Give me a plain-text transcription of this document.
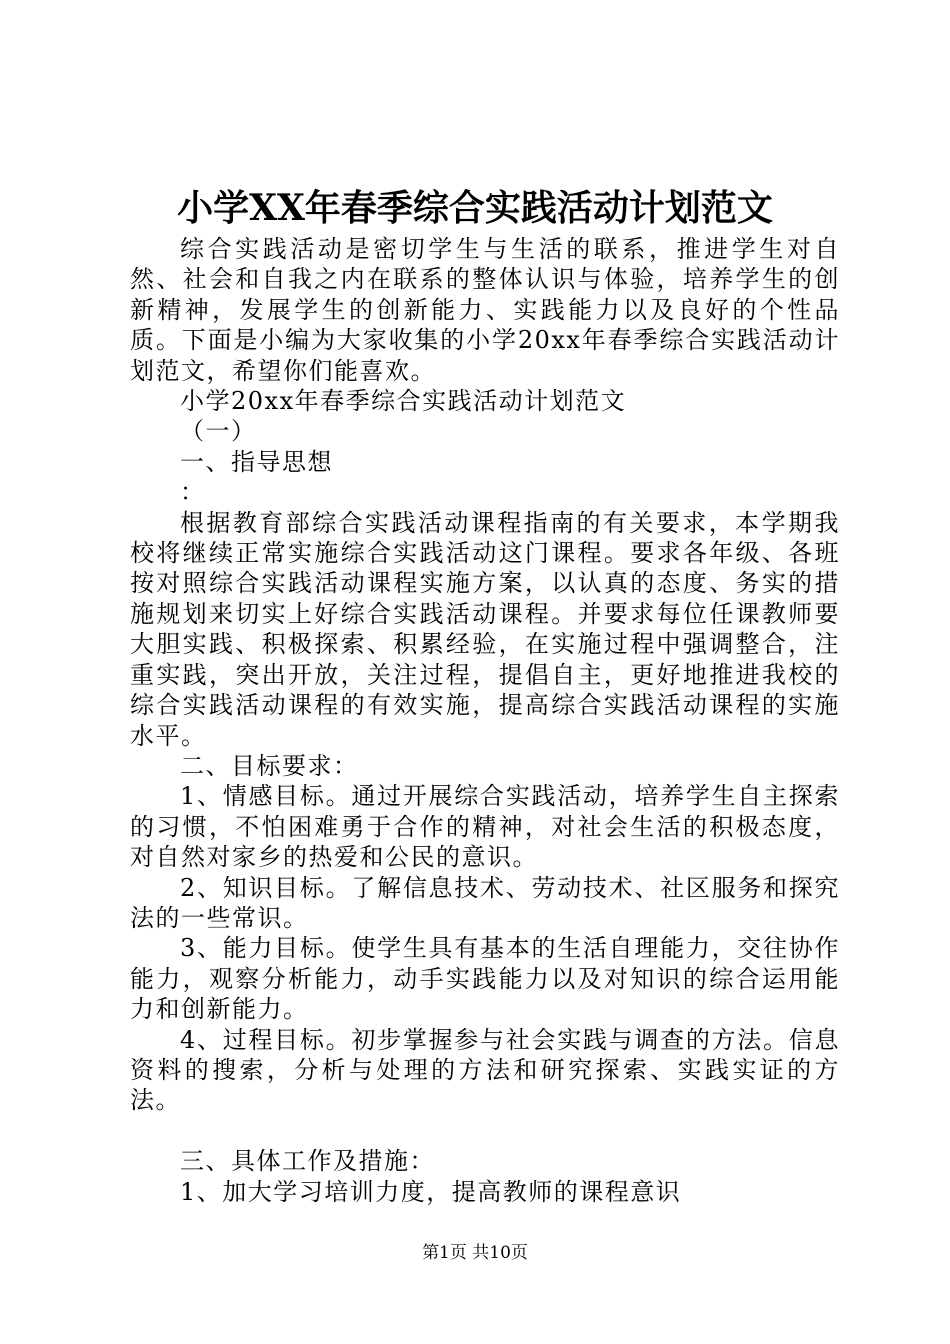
小学XX年春季综合实践活动计划范文

综合实践活动是密切学生与生活的联系，推进学生对自然、社会和自我之内在联系的整体认识与体验，培养学生的创新精神，发展学生的创新能力、实践能力以及良好的个性品质。下面是小编为大家收集的小学20xx年春季综合实践活动计划范文，希望你们能喜欢。

小学20xx年春季综合实践活动计划范文

（一）

一、指导思想

：

根据教育部综合实践活动课程指南的有关要求，本学期我校将继续正常实施综合实践活动这门课程。要求各年级、各班按对照综合实践活动课程实施方案，以认真的态度、务实的措施规划来切实上好综合实践活动课程。并要求每位任课教师要大胆实践、积极探索、积累经验，在实施过程中强调整合，注重实践，突出开放，关注过程，提倡自主，更好地推进我校的综合实践活动课程的有效实施，提高综合实践活动课程的实施水平。

二、目标要求：

1、情感目标。通过开展综合实践活动，培养学生自主探索的习惯，不怕困难勇于合作的精神，对社会生活的积极态度，对自然对家乡的热爱和公民的意识。

2、知识目标。了解信息技术、劳动技术、社区服务和探究法的一些常识。

3、能力目标。使学生具有基本的生活自理能力，交往协作能力，观察分析能力，动手实践能力以及对知识的综合运用能力和创新能力。

4、过程目标。初步掌握参与社会实践与调查的方法。信息资料的搜索，分析与处理的方法和研究探索、实践实证的方法。

三、具体工作及措施：

1、加大学习培训力度，提高教师的课程意识

第1页 共10页
